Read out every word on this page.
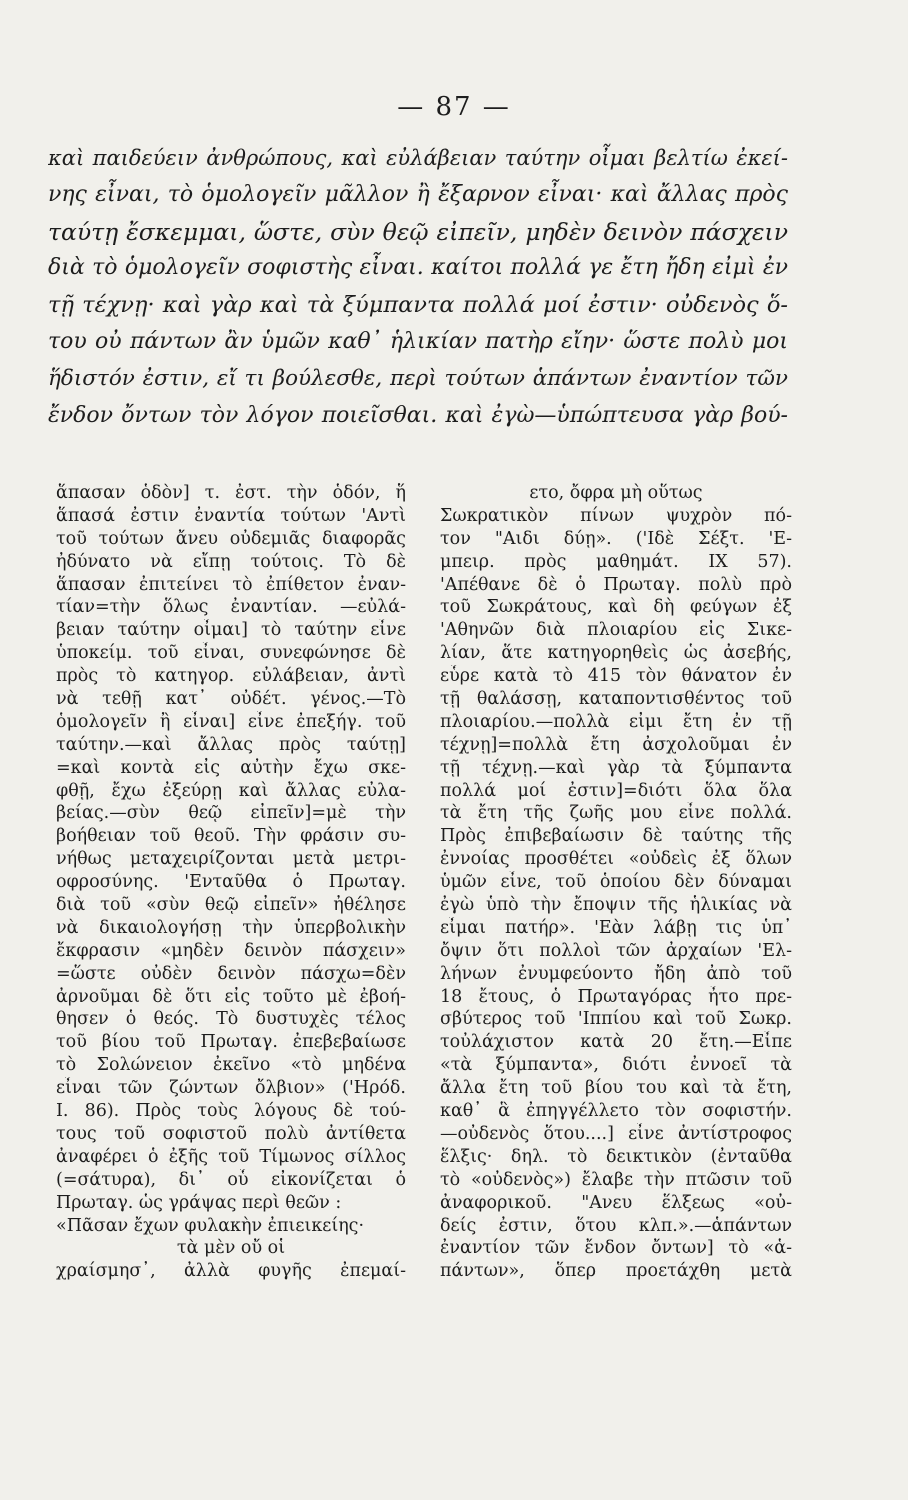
— 87 —
καὶ παιδεύειν ἀνθρώπους, καὶ εὐλάβειαν ταύτην οἶμαι βελτίω ἐκεί-
νης εἶναι, τὸ ὁμολογεῖν μᾶλλον ἢ ἔξαρνον εἶναι· καὶ ἄλλας πρὸς
ταύτῃ ἔσκεμμαι, ὥστε, σὺν θεῷ εἰπεῖν, μηδὲν δεινὸν πάσχειν
διὰ τὸ ὁμολογεῖν σοφιστὴς εἶναι. καίτοι πολλά γε ἔτη ἤδη εἰμὶ ἐν
τῇ τέχνῃ· καὶ γὰρ καὶ τὰ ξύμπαντα πολλά μοί ἐστιν· οὐδενὸς ὅ-
του οὐ πάντων ἂν ὑμῶν καθ᾽ ἡλικίαν πατὴρ εἴην· ὥστε πολὺ μοι
ἥδιστόν ἐστιν, εἴ τι βούλεσθε, περὶ τούτων ἁπάντων ἐναντίον τῶν
ἔνδον ὄντων τὸν λόγον ποιεῖσθαι. καὶ ἐγὼ—ὑπώπτευσα γὰρ βού-
ἅπασαν ὁδὸν] τ. ἐστ. τὴν ὁδόν, ἥ
ἅπασά ἐστιν ἐναντία τούτων 'Αντὶ
τοῦ τούτων ἄνευ οὐδεμιᾶς διαφορᾶς
ἠδύνατο νὰ εἴπῃ τούτοις. Τὸ δὲ
ἅπασαν ἐπιτείνει τὸ ἐπίθετον ἐναν-
τίαν=τὴν ὅλως ἐναντίαν. —εὐλά-
βειαν ταύτην οἶμαι] τὸ ταύτην εἶνε
ὑποκείμ. τοῦ εἶναι, συνεφώνησε δὲ
πρὸς τὸ κατηγορ. εὐλάβειαν, ἀντὶ
νὰ τεθῇ κατ᾽ οὐδέτ. γένος.—Τὸ
ὁμολογεῖν ἢ εἶναι] εἶνε ἐπεξήγ. τοῦ
ταύτην.—καὶ ἄλλας πρὸς ταύτῃ]
=καὶ κοντὰ εἰς αὐτὴν ἔχω σκε-
φθῇ, ἔχω ἐξεύρῃ καὶ ἄλλας εὐλα-
βείας.—σὺν θεῷ εἰπεῖν]=μὲ τὴν
βοήθειαν τοῦ θεοῦ. Τὴν φράσιν συ-
νήθως μεταχειρίζονται μετὰ μετρι-
οφροσύνης. 'Ενταῦθα ὁ Πρωταγ.
διὰ τοῦ «σὺν θεῷ εἰπεῖν» ἠθέλησε
νὰ δικαιολογήσῃ τὴν ὑπερβολικὴν
ἔκφρασιν «μηδὲν δεινὸν πάσχειν»
=ὥστε οὐδὲν δεινὸν πάσχω=δὲν
ἀρνοῦμαι δὲ ὅτι εἰς τοῦτο μὲ ἐβοή-
θησεν ὁ θεός. Τὸ δυστυχὲς τέλος
τοῦ βίου τοῦ Πρωταγ. ἐπεβεβαίωσε
τὸ Σολώνειον ἐκεῖνο «τὸ μηδένα
εἶναι τῶν ζώντων ὄλβιον» ('Ηρόδ.
I. 86). Πρὸς τοὺς λόγους δὲ τού-
τους τοῦ σοφιστοῦ πολὺ ἀντίθετα
ἀναφέρει ὁ ἐξῆς τοῦ Τίμωνος σίλλος
(=σάτυρα), δι᾽ οὗ εἰκονίζεται ὁ
Πρωταγ. ὡς γράψας περὶ θεῶν :
«Πᾶσαν ἔχων φυλακὴν ἐπιεικείης·
τὰ μὲν οὔ οἱ
χραίσμησ᾽, ἀλλὰ φυγῆς ἐπεμαί-
ετο, ὄφρα μὴ οὕτως
Σωκρατικὸν πίνων ψυχρὸν πό-
τον "Αιδι δύῃ». ('Ιδὲ Σέξτ. 'Ε-
μπειρ. πρὸς μαθημάτ. IX 57).
'Απέθανε δὲ ὁ Πρωταγ. πολὺ πρὸ
τοῦ Σωκράτους, καὶ δὴ φεύγων ἐξ
'Αθηνῶν διὰ πλοιαρίου εἰς Σικε-
λίαν, ἅτε κατηγορηθεὶς ὡς ἀσεβής,
εὗρε κατὰ τὸ 415 τὸν θάνατον ἐν
τῇ θαλάσσῃ, καταποντισθέντος τοῦ
πλοιαρίου.—πολλὰ εἰμι ἔτη ἐν τῇ
τέχνῃ]=πολλὰ ἔτη ἀσχολοῦμαι ἐν
τῇ τέχνῃ.—καὶ γὰρ τὰ ξύμπαντα
πολλά μοί ἐστιν]=διότι ὅλα ὅλα
τὰ ἔτη τῆς ζωῆς μου εἶνε πολλά.
Πρὸς ἐπιβεβαίωσιν δὲ ταύτης τῆς
ἐννοίας προσθέτει «οὐδεὶς ἐξ ὅλων
ὑμῶν εἶνε, τοῦ ὁποίου δὲν δύναμαι
ἐγὼ ὑπὸ τὴν ἔποψιν τῆς ἡλικίας νὰ
εἶμαι πατήρ». 'Εὰν λάβῃ τις ὑπ᾽
ὄψιν ὅτι πολλοὶ τῶν ἀρχαίων 'Ελ-
λήνων ἐνυμφεύοντο ἤδη ἀπὸ τοῦ
18 ἔτους, ὁ Πρωταγόρας ἦτο πρε-
σβύτερος τοῦ 'Ιππίου καὶ τοῦ Σωκρ.
τοὐλάχιστον κατὰ 20 ἔτη.—Εἶπε
«τὰ ξύμπαντα», διότι ἐννοεῖ τὰ
ἄλλα ἔτη τοῦ βίου του καὶ τὰ ἔτη,
καθ᾽ ἃ ἐπηγγέλλετο τὸν σοφιστήν.
—οὐδενὸς ὅτου....] εἶνε ἀντίστροφος
ἕλξις· δηλ. τὸ δεικτικὸν (ἐνταῦθα
τὸ «οὐδενὸς») ἔλαβε τὴν πτῶσιν τοῦ
ἀναφορικοῦ. "Ανευ ἕλξεως «οὐ-
δείς ἐστιν, ὅτου κλπ.».—ἁπάντων
ἐναντίον τῶν ἔνδον ὄντων] τὸ «ἁ-
πάντων», ὅπερ προετάχθη μετὰ
